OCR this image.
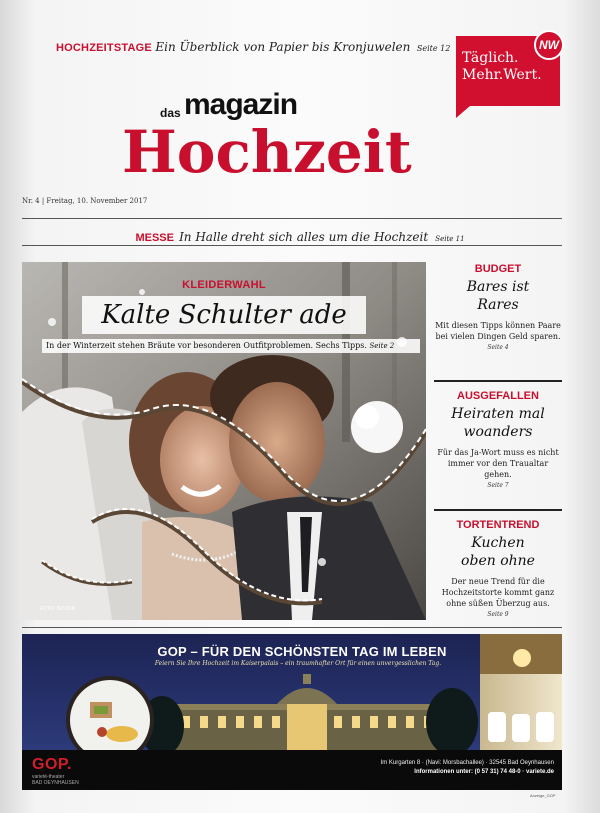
HOCHZEITSTAGE Ein Überblick von Papier bis Kronjuwelen Seite 12
Täglich.
Mehr.Wert.
NW
das magazin
Hochzeit
Nr. 4 | Freitag, 10. November 2017
MESSE In Halle dreht sich alles um die Hochzeit Seite 11
KLEIDERWAHL
Kalte Schulter ade
In der Winterzeit stehen Bräute vor besonderen Outfitproblemen. Sechs Tipps. Seite 2
FOTO: ISTOCK
BUDGET
Bares ist
Rares
Mit diesen Tipps können Paare bei vielen Dingen Geld sparen.
Seite 4
AUSGEFALLEN
Heiraten mal
woanders
Für das Ja-Wort muss es nicht immer vor den Traualtar gehen.
Seite 7
TORTENTREND
Kuchen
oben ohne
Der neue Trend für die Hochzeitstorte kommt ganz ohne süßen Überzug aus.
Seite 9
GOP – FÜR DEN SCHÖNSTEN TAG IM LEBEN
Feiern Sie Ihre Hochzeit im Kaiserpalais – ein traumhafter Ort für einen unvergesslichen Tag.
GOP.
varieté-theater
BAD OEYNHAUSEN
Im Kurgarten 8 · (Navi: Morsbachallee) · 32545 Bad Oeynhausen
Informationen unter: (0 57 31) 74 48-0 · variete.de
Anzeige_GOP
